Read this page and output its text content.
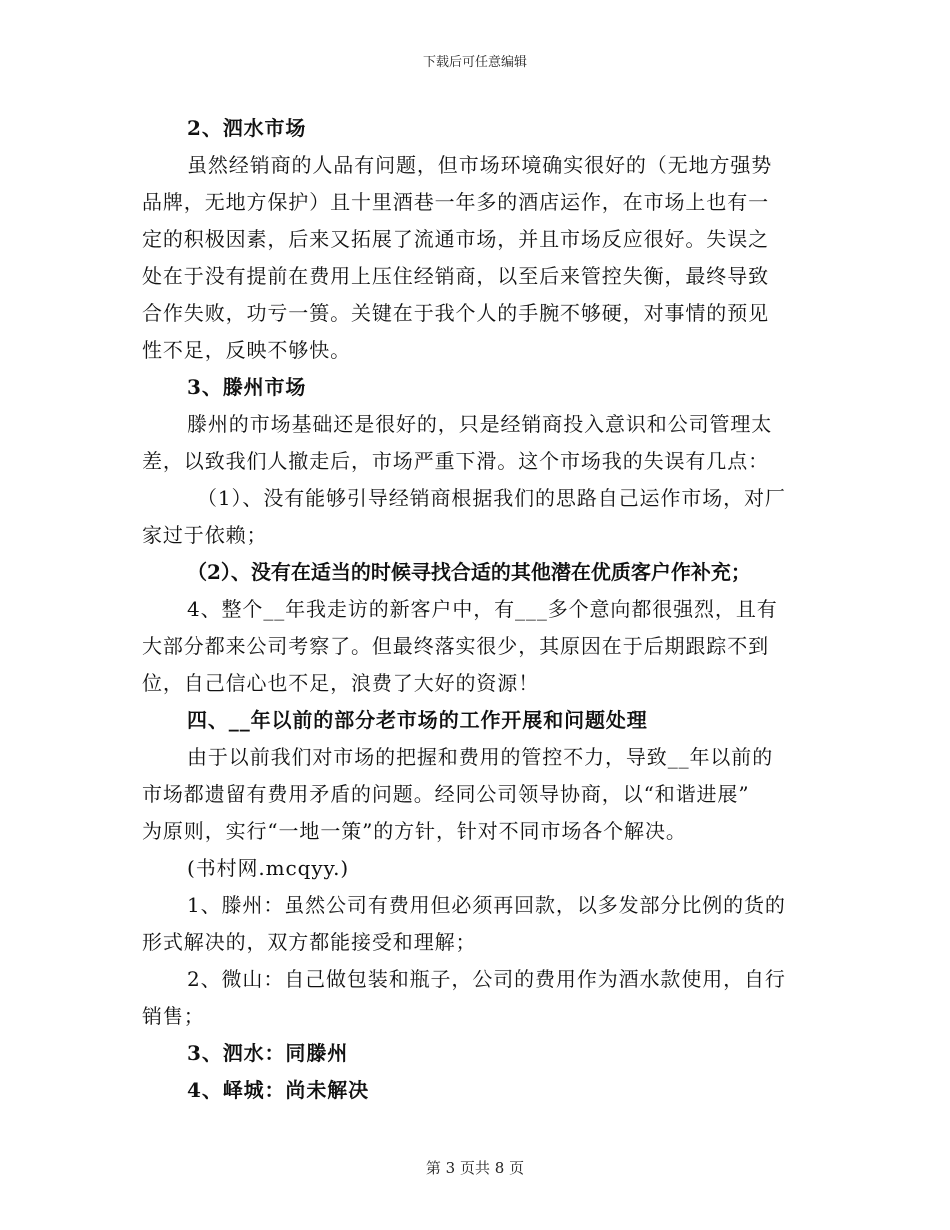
下载后可任意编辑
2、泗水市场
虽然经销商的人品有问题，但市场环境确实很好的（无地方强势
品牌，无地方保护）且十里酒巷一年多的酒店运作，在市场上也有一
定的积极因素，后来又拓展了流通市场，并且市场反应很好。失误之
处在于没有提前在费用上压住经销商，以至后来管控失衡，最终导致
合作失败，功亏一篑。关键在于我个人的手腕不够硬，对事情的预见
性不足，反映不够快。
3、滕州市场
滕州的市场基础还是很好的，只是经销商投入意识和公司管理太
差，以致我们人撤走后，市场严重下滑。这个市场我的失误有几点：
（1）、没有能够引导经销商根据我们的思路自己运作市场，对厂
家过于依赖；
（2）、没有在适当的时候寻找合适的其他潜在优质客户作补充；
4、整个__年我走访的新客户中，有___多个意向都很强烈，且有
大部分都来公司考察了。但最终落实很少，其原因在于后期跟踪不到
位，自己信心也不足，浪费了大好的资源！
四、__年以前的部分老市场的工作开展和问题处理
由于以前我们对市场的把握和费用的管控不力，导致__年以前的
市场都遗留有费用矛盾的问题。经同公司领导协商，以“和谐进展”
为原则，实行“一地一策”的方针，针对不同市场各个解决。
(书村网.mcqyy.)
1、滕州：虽然公司有费用但必须再回款，以多发部分比例的货的
形式解决的，双方都能接受和理解；
2、微山：自己做包装和瓶子，公司的费用作为酒水款使用，自行
销售；
3、泗水：同滕州
4、峄城：尚未解决
第 3 页共 8 页
